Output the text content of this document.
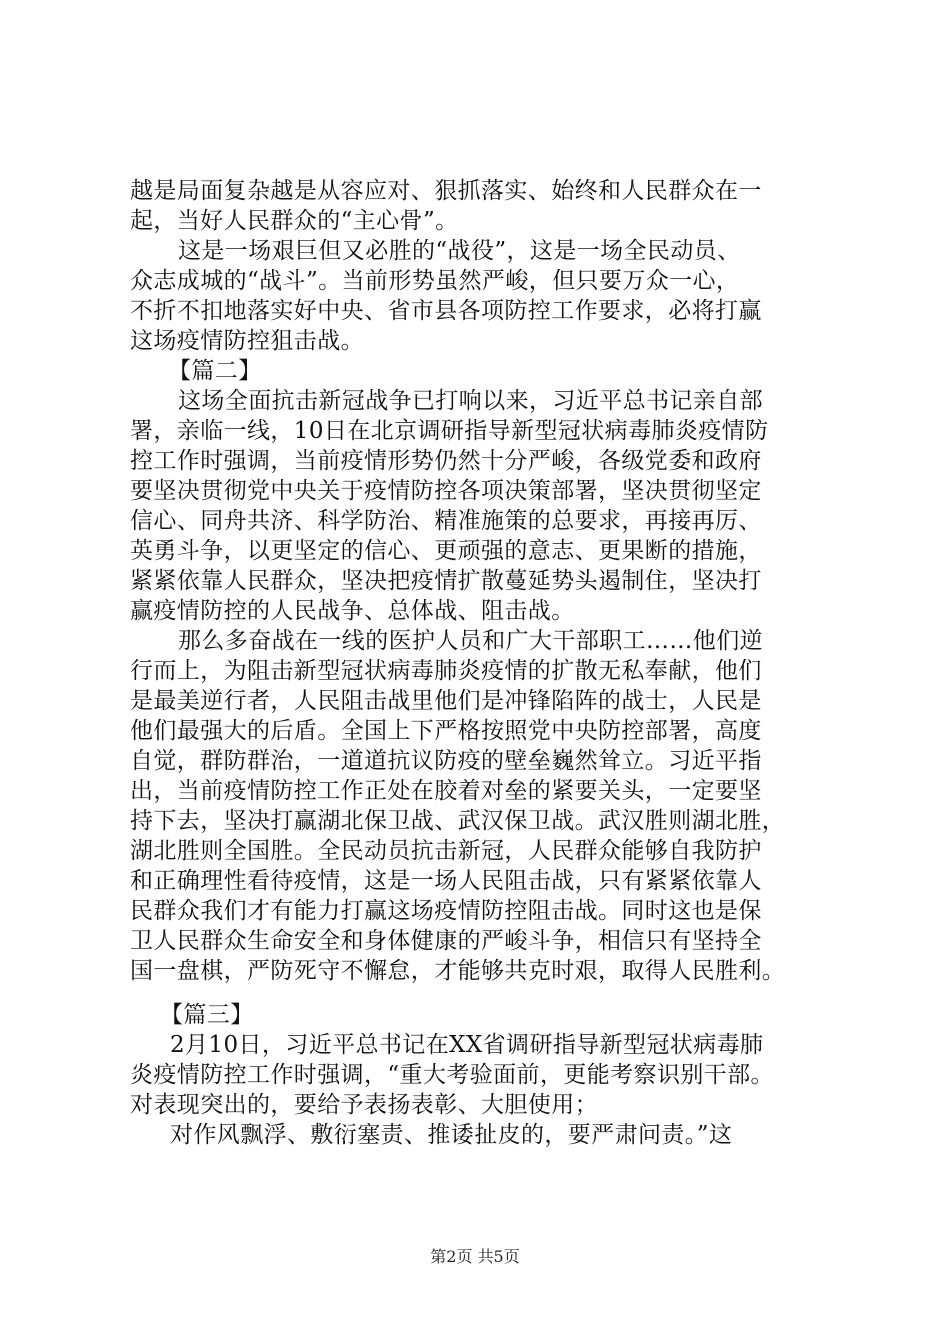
越是局面复杂越是从容应对、狠抓落实、始终和人民群众在一
起，当好人民群众的“主心骨”。
这是一场艰巨但又必胜的“战役”，这是一场全民动员、
众志成城的“战斗”。当前形势虽然严峻，但只要万众一心，
不折不扣地落实好中央、省市县各项防控工作要求，必将打赢
这场疫情防控狙击战。
【篇二】
这场全面抗击新冠战争已打响以来，习近平总书记亲自部
署，亲临一线，10日在北京调研指导新型冠状病毒肺炎疫情防
控工作时强调，当前疫情形势仍然十分严峻，各级党委和政府
要坚决贯彻党中央关于疫情防控各项决策部署，坚决贯彻坚定
信心、同舟共济、科学防治、精准施策的总要求，再接再厉、
英勇斗争，以更坚定的信心、更顽强的意志、更果断的措施，
紧紧依靠人民群众，坚决把疫情扩散蔓延势头遏制住，坚决打
赢疫情防控的人民战争、总体战、阻击战。
那么多奋战在一线的医护人员和广大干部职工……他们逆
行而上，为阻击新型冠状病毒肺炎疫情的扩散无私奉献，他们
是最美逆行者，人民阻击战里他们是冲锋陷阵的战士，人民是
他们最强大的后盾。全国上下严格按照党中央防控部署，高度
自觉，群防群治，一道道抗议防疫的壁垒巍然耸立。习近平指
出，当前疫情防控工作正处在胶着对垒的紧要关头，一定要坚
持下去，坚决打赢湖北保卫战、武汉保卫战。武汉胜则湖北胜，
湖北胜则全国胜。全民动员抗击新冠，人民群众能够自我防护
和正确理性看待疫情，这是一场人民阻击战，只有紧紧依靠人
民群众我们才有能力打赢这场疫情防控阻击战。同时这也是保
卫人民群众生命安全和身体健康的严峻斗争，相信只有坚持全
国一盘棋，严防死守不懈怠，才能够共克时艰，取得人民胜利。
【篇三】
2月10日，习近平总书记在XX省调研指导新型冠状病毒肺
炎疫情防控工作时强调，“重大考验面前，更能考察识别干部。
对表现突出的，要给予表扬表彰、大胆使用；
对作风飘浮、敷衍塞责、推诿扯皮的，要严肃问责。”这
第2页 共5页
